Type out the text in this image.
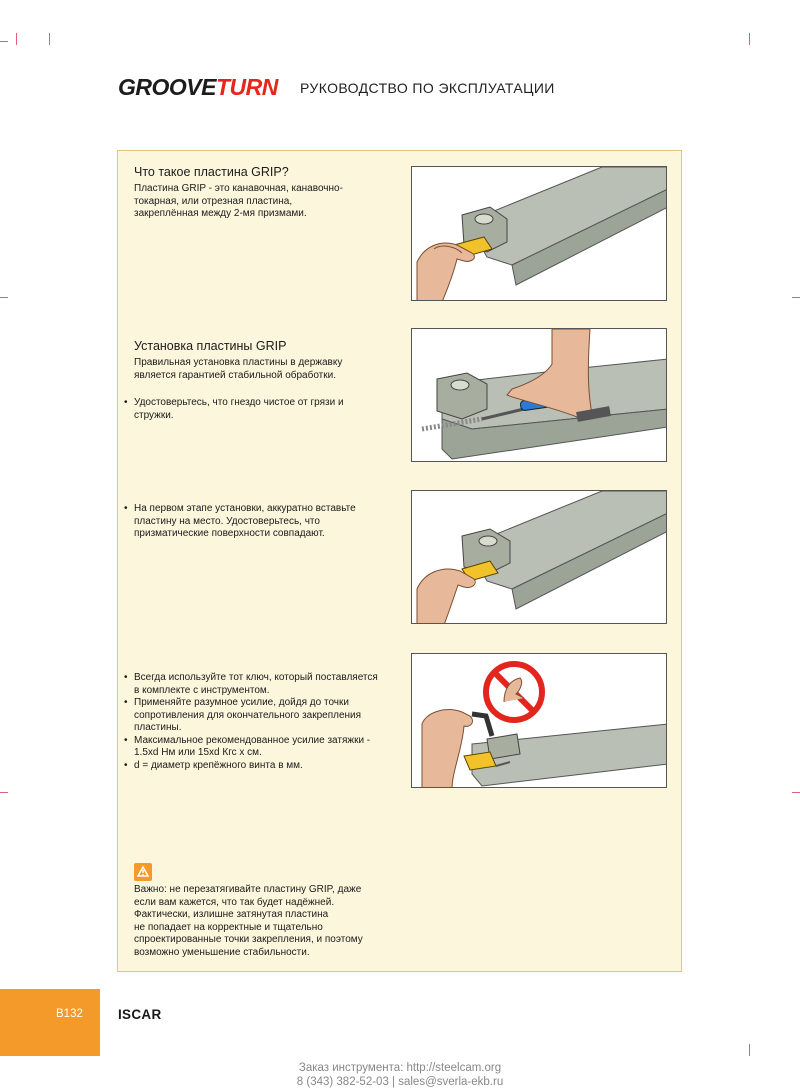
GROOVETURN РУКОВОДСТВО ПО ЭКСПЛУАТАЦИИ
Что такое пластина GRIP?
Пластина GRIP - это канавочная, канавочно-
токарная, или отрезная пластина,
закреплённая между 2-мя призмами.
Установка пластины GRIP
Правильная установка пластины в державку
является гарантией стабильной обработки.
• Удостоверьтесь, что гнездо чистое от грязи и стружки.
• На первом этапе установки, аккуратно вставьте пластину на место. Удостоверьтесь, что призматические поверхности совпадают.
• Всегда используйте тот ключ, который поставляется в комплекте с инструментом.
• Применяйте разумное усилие, дойдя до точки сопротивления для окончательного закрепления пластины.
• Максимальное рекомендованное усилие затяжки - 1.5xd Нм или 15xd Кгс х см.
• d = диаметр крепёжного винта в мм.
Важно: не перезатягивайте пластину GRIP, даже
если вам кажется, что так будет надёжней.
Фактически, излишне затянутая пластина
не попадает на корректные и тщательно
спроектированные точки закрепления, и поэтому
возможно уменьшение стабильности.
B132	ISCAR
Заказ инструмента: http://steelcam.org
8 (343) 382-52-03 | sales@sverla-ekb.ru
